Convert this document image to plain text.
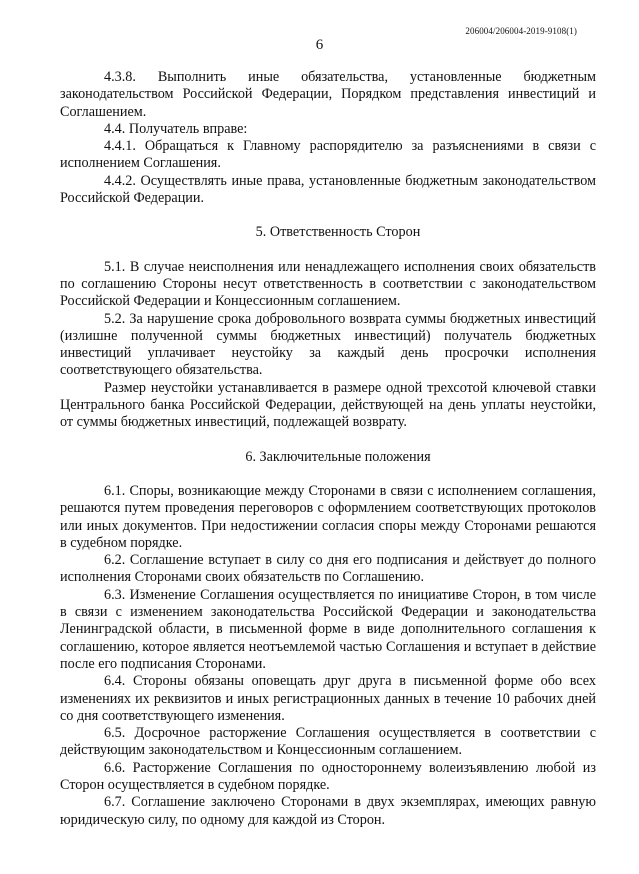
206004/206004-2019-9108(1)
6

4.3.8. Выполнить иные обязательства, установленные бюджетным законодательством Российской Федерации, Порядком представления инвестиций и Соглашением.

4.4. Получатель вправе:

4.4.1. Обращаться к Главному распорядителю за разъяснениями в связи с исполнением Соглашения.

4.4.2. Осуществлять иные права, установленные бюджетным законодательством Российской Федерации.

5. Ответственность Сторон

5.1. В случае неисполнения или ненадлежащего исполнения своих обязательств по соглашению Стороны несут ответственность в соответствии с законодательством Российской Федерации и Концессионным соглашением.

5.2. За нарушение срока добровольного возврата суммы бюджетных инвестиций (излишне полученной суммы бюджетных инвестиций) получатель бюджетных инвестиций уплачивает неустойку за каждый день просрочки исполнения соответствующего обязательства.

Размер неустойки устанавливается в размере одной трехсотой ключевой ставки Центрального банка Российской Федерации, действующей на день уплаты неустойки, от суммы бюджетных инвестиций, подлежащей возврату.

6. Заключительные положения

6.1. Споры, возникающие между Сторонами в связи с исполнением соглашения, решаются путем проведения переговоров с оформлением соответствующих протоколов или иных документов. При недостижении согласия споры между Сторонами решаются в судебном порядке.

6.2. Соглашение вступает в силу со дня его подписания и действует до полного исполнения Сторонами своих обязательств по Соглашению.

6.3. Изменение Соглашения осуществляется по инициативе Сторон, в том числе в связи с изменением законодательства Российской Федерации и законодательства Ленинградской области, в письменной форме в виде дополнительного соглашения к соглашению, которое является неотъемлемой частью Соглашения и вступает в действие после его подписания Сторонами.

6.4. Стороны обязаны оповещать друг друга в письменной форме обо всех изменениях их реквизитов и иных регистрационных данных в течение 10 рабочих дней со дня соответствующего изменения.

6.5. Досрочное расторжение Соглашения осуществляется в соответствии с действующим законодательством и Концессионным соглашением.

6.6. Расторжение Соглашения по одностороннему волеизъявлению любой из Сторон осуществляется в судебном порядке.

6.7. Соглашение заключено Сторонами в двух экземплярах, имеющих равную юридическую силу, по одному для каждой из Сторон.
